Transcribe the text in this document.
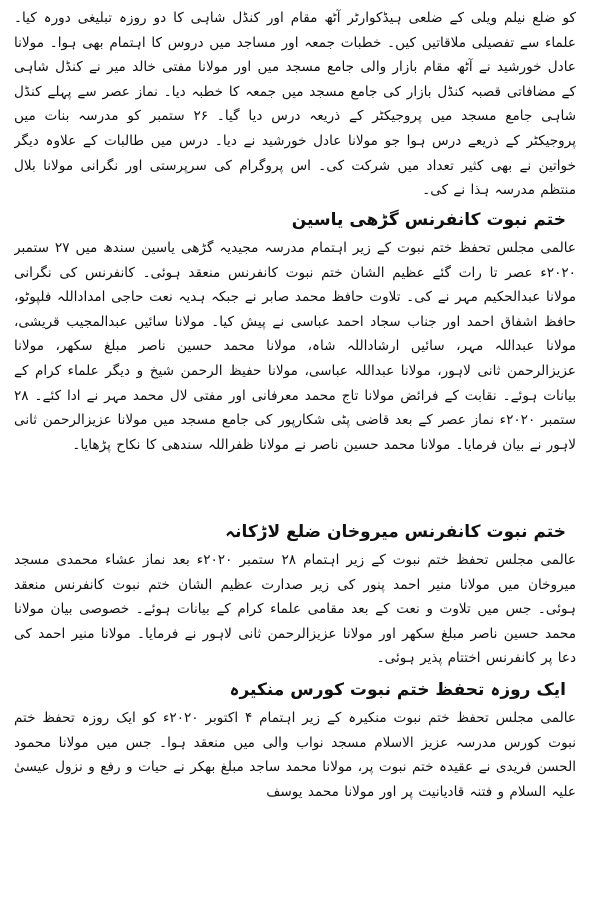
کو ضلع نیلم ویلی کے ضلعی ہیڈکوارٹر آٹھ مقام اور کنڈل شاہی کا دو روزہ تبلیغی دورہ کیا۔ علماء سے تفصیلی ملاقاتیں کیں۔ خطبات جمعہ اور مساجد میں دروس کا اہتمام بھی ہوا۔ مولانا عادل خورشید نے آٹھ مقام بازار والی جامع مسجد میں اور مولانا مفتی خالد میر نے کنڈل شاہی کے مضافاتی قصبہ کنڈل بازار کی جامع مسجد میں جمعہ کا خطبہ دیا۔ نماز عصر سے پہلے کنڈل شاہی جامع مسجد میں پروجیکٹر کے ذریعہ درس دیا گیا۔ ۲۶ ستمبر کو مدرسہ بنات میں پروجیکٹر کے ذریعے درس ہوا جو مولانا عادل خورشید نے دیا۔ درس میں طالبات کے علاوہ دیگر خواتین نے بھی کثیر تعداد میں شرکت کی۔ اس پروگرام کی سرپرستی اور نگرانی مولانا بلال منتظم مدرسہ ہذا نے کی۔

ختم نبوت کانفرنس گڑھی یاسین

عالمی مجلس تحفظ ختم نبوت کے زیر اہتمام مدرسہ مجیدیہ گڑھی یاسین سندھ میں ۲۷ ستمبر ۲۰۲۰ء عصر تا رات گئے عظیم الشان ختم نبوت کانفرنس منعقد ہوئی۔ کانفرنس کی نگرانی مولانا عبدالحکیم مہر نے کی۔ تلاوت حافظ محمد صابر نے جبکہ ہدیہ نعت حاجی امداداللہ فلپوٹو، حافظ اشفاق احمد اور جناب سجاد احمد عباسی نے پیش کیا۔ مولانا سائیں عبدالمجیب قریشی، مولانا عبداللہ مہر، سائیں ارشاداللہ شاہ، مولانا محمد حسین ناصر مبلغ سکھر، مولانا عزیزالرحمن ثانی لاہور، مولانا عبداللہ عباسی، مولانا حفیظ الرحمن شیخ و دیگر علماء کرام کے بیانات ہوئے۔ نقابت کے فرائض مولانا تاج محمد معرفانی اور مفتی لال محمد مہر نے ادا کئے۔ ۲۸ ستمبر ۲۰۲۰ء نماز عصر کے بعد قاضی پٹی شکارپور کی جامع مسجد میں مولانا عزیزالرحمن ثانی لاہور نے بیان فرمایا۔ مولانا محمد حسین ناصر نے مولانا ظفراللہ سندھی کا نکاح پڑھایا۔

ختم نبوت کانفرنس میروخان ضلع لاڑکانہ

عالمی مجلس تحفظ ختم نبوت کے زیر اہتمام ۲۸ ستمبر ۲۰۲۰ء بعد نماز عشاء محمدی مسجد میروخان میں مولانا منیر احمد پنور کی زیر صدارت عظیم الشان ختم نبوت کانفرنس منعقد ہوئی۔ جس میں تلاوت و نعت کے بعد مقامی علماء کرام کے بیانات ہوئے۔ خصوصی بیان مولانا محمد حسین ناصر مبلغ سکھر اور مولانا عزیزالرحمن ثانی لاہور نے فرمایا۔ مولانا منیر احمد کی دعا پر کانفرنس اختتام پذیر ہوئی۔

ایک روزہ تحفظ ختم نبوت کورس منکیرہ

عالمی مجلس تحفظ ختم نبوت منکیرہ کے زیر اہتمام ۴ اکتوبر ۲۰۲۰ء کو ایک روزہ تحفظ ختم نبوت کورس مدرسہ عزیز الاسلام مسجد نواب والی میں منعقد ہوا۔ جس میں مولانا محمود الحسن فریدی نے عقیدہ ختم نبوت پر، مولانا محمد ساجد مبلغ بھکر نے حیات و رفع و نزول عیسیٰ علیہ السلام و فتنہ قادیانیت پر اور مولانا محمد یوسف
